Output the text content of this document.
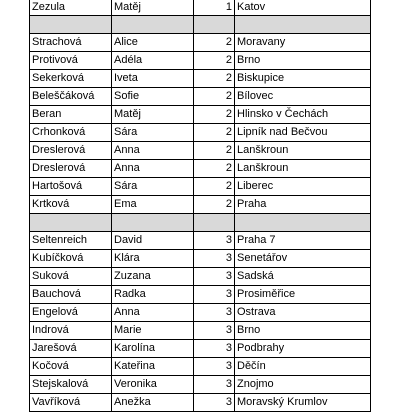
Zezula	Matěj	1 Katov
Strachová	Alice	2 Moravany
Protivová	Adéla	2 Brno
Sekerková	Iveta	2 Biskupice
Beleščáková	Sofie	2 Bílovec
Beran	Matěj	2 Hlinsko v Čechách
Crhonková	Sára	2 Lipník nad Bečvou
Dreslerová	Anna	2 Lanškroun
Dreslerová	Anna	2 Lanškroun
Hartošová	Sára	2 Liberec
Krtková	Ema	2 Praha
Seltenreich	David	3 Praha 7
Kubíčková	Klára	3 Senetářov
Suková	Zuzana	3 Sadská
Bauchová	Radka	3 Prosiměřice
Engelová	Anna	3 Ostrava
Indrová	Marie	3 Brno
Jarešová	Karolína	3 Podbrahy
Kočová	Kateřina	3 Děčín
Stejskalová	Veronika	3 Znojmo
Vavříková	Anežka	3 Moravský Krumlov
